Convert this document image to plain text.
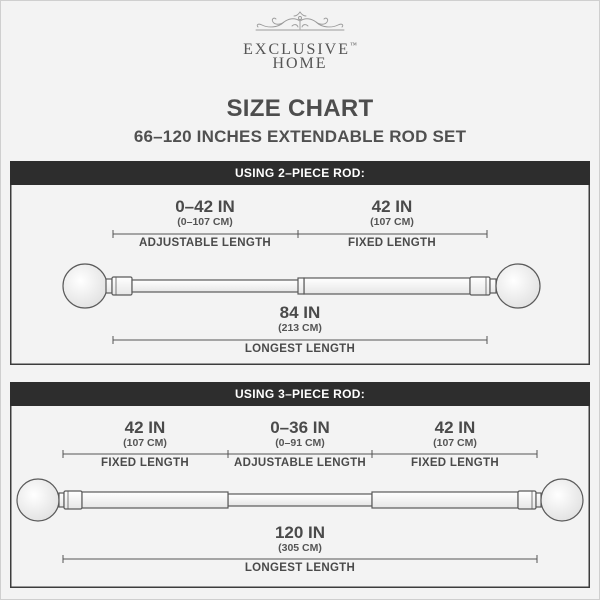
EXCLUSIVE™
HOME
SIZE CHART
66–120 INCHES EXTENDABLE ROD SET
USING 2–PIECE ROD:
0–42 IN
(0–107 CM)
ADJUSTABLE LENGTH
42 IN
(107 CM)
FIXED LENGTH
84 IN
(213 CM)
LONGEST LENGTH
USING 3–PIECE ROD:
42 IN
(107 CM)
FIXED LENGTH
0–36 IN
(0–91 CM)
ADJUSTABLE LENGTH
42 IN
(107 CM)
FIXED LENGTH
120 IN
(305 CM)
LONGEST LENGTH
